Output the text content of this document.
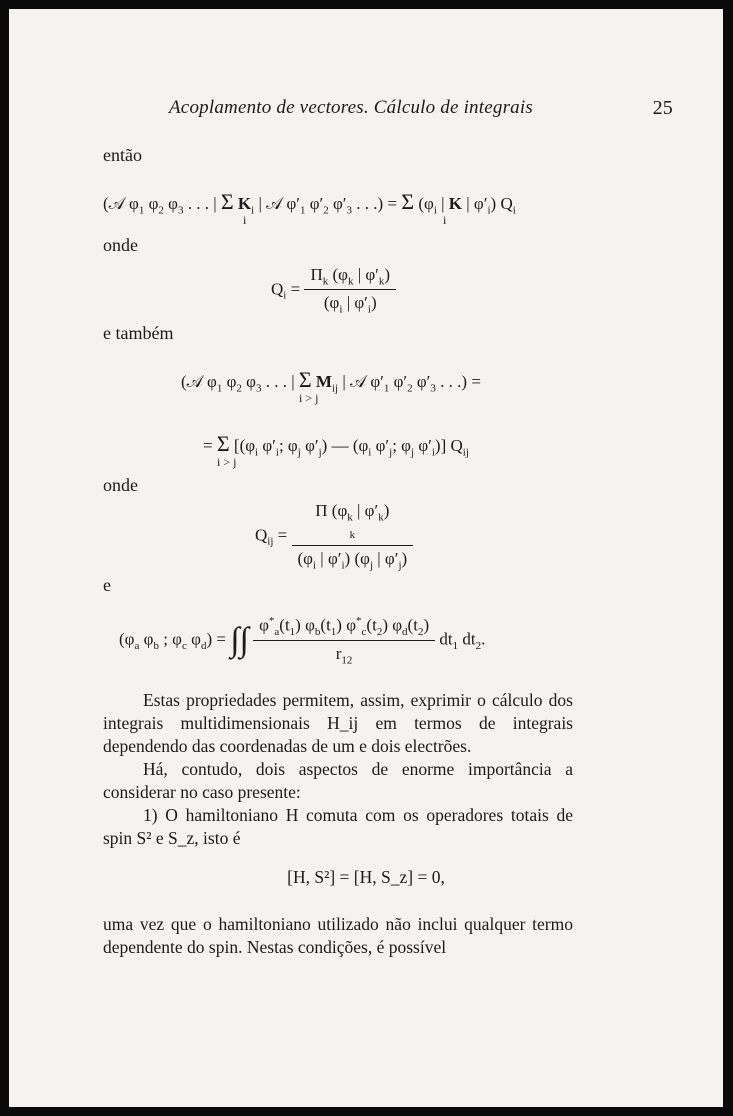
Acoplamento de vectores. Cálculo de integrais	25
então
(𝒜 $\varphi_1$ $\varphi_2$ $\varphi_3$ . . . | Σ $K_i$ | 𝒜 $\varphi'_1$ $\varphi'_2$ $\varphi'_3$ . . .) = Σ ($\varphi_i$ | K | $\varphi'_i$) $Q_i$
i	i
onde
$Q_i = \frac{\Pi_k (\varphi_k | \varphi'_k)}{(\varphi_i | \varphi'_i)}$
e também
(𝒜 $\varphi_1$ $\varphi_2$ $\varphi_3$ . . . | Σ $M_{ij}$ | 𝒜 $\varphi'_1$ $\varphi'_2$ $\varphi'_3$ . . .) =
i > j
= Σ [($\varphi_i$ $\varphi'_i$; $\varphi_j$ $\varphi'_j$) — ($\varphi_i$ $\varphi'_j$; $\varphi_j$ $\varphi'_i$)] $Q_{ij}$
i > j
onde
$Q_{ij}$ =
Π ($\varphi_k$ | $\varphi'_k$)
k
($\varphi_i$ | $\varphi'_i$) ($\varphi_j$ | $\varphi'_j$)
e
($\varphi_a$ $\varphi_b$ ; $\varphi_c$ $\varphi_d$) = ∫∫ $\frac{\varphi^*_a(t_1) \varphi_b(t_1) \varphi^*_c(t_2) \varphi_d(t_2)}{r_{12}} dt_1$ $dt_2$.

Estas propriedades permitem, assim, exprimir o cálculo dos integrais multidimensionais H_ij em termos de integrais dependendo das coordenadas de um e dois electrões.

Há, contudo, dois aspectos de enorme importância a considerar no caso presente:

1) O hamiltoniano H comuta com os operadores totais de spin S² e S_z, isto é

[H, S²] = [H, S_z] = 0,

uma vez que o hamiltoniano utilizado não inclui qualquer termo dependente do spin. Nestas condições, é possível
